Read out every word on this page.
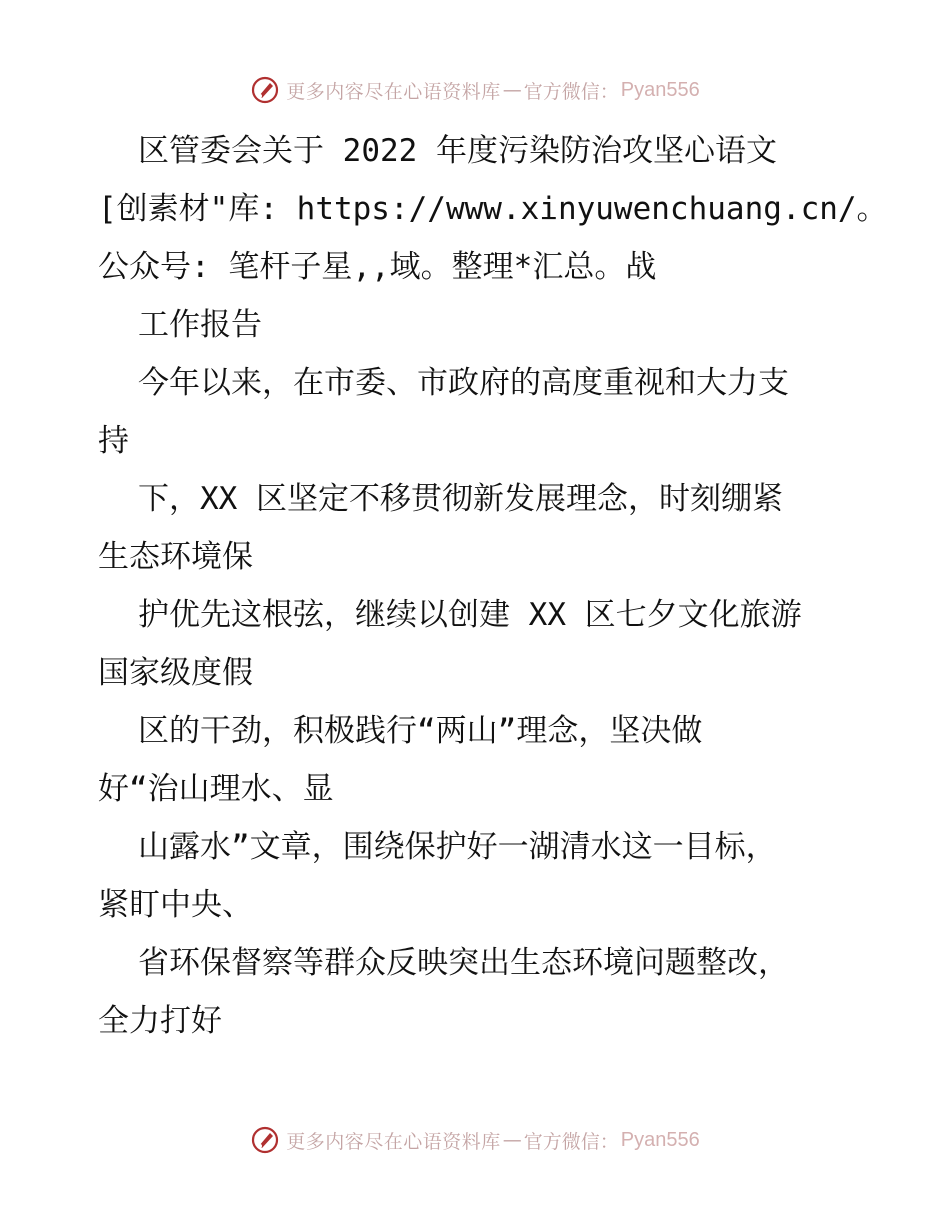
更多内容尽在心语资料库 — 官方微信： Pyan556
区管委会关于 2022 年度污染防治攻坚心语文
[创素材"库: https://www.xinyuwenchuang.cn/。
公众号: 笔杆子星,,域。整理*汇总。战
工作报告
今年以来，在市委、市政府的高度重视和大力支
持
下，XX 区坚定不移贯彻新发展理念，时刻绷紧
生态环境保
护优先这根弦，继续以创建 XX 区七夕文化旅游
国家级度假
区的干劲，积极践行“两山”理念，坚决做
好“治山理水、显
山露水”文章，围绕保护好一湖清水这一目标，
紧盯中央、
省环保督察等群众反映突出生态环境问题整改，
全力打好
更多内容尽在心语资料库 — 官方微信： Pyan556
